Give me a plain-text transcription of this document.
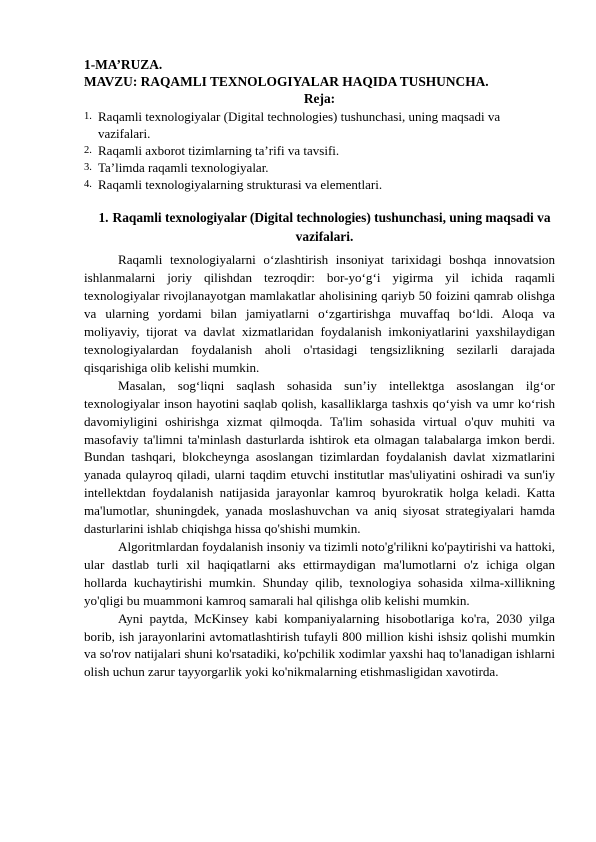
1-MA’RUZA.

MAVZU: RAQAMLI TEXNOLOGIYALAR HAQIDA TUSHUNCHA.

Reja:

1. Raqamli texnologiyalar (Digital technologies) tushunchasi, uning maqsadi va vazifalari.
2. Raqamli axborot tizimlarning ta’rifi va tavsifi.
3. Ta’limda raqamli texnologiyalar.
4. Raqamli texnologiyalarning strukturasi va elementlari.
1. Raqamli texnologiyalar (Digital technologies) tushunchasi, uning maqsadi va vazifalari.

Raqamli texnologiyalarni o‘zlashtirish insoniyat tarixidagi boshqa innovatsion ishlanmalarni joriy qilishdan tezroqdir: bor-yo‘g‘i yigirma yil ichida raqamli texnologiyalar rivojlanayotgan mamlakatlar aholisining qariyb 50 foizini qamrab olishga va ularning yordami bilan jamiyatlarni o‘zgartirishga muvaffaq bo‘ldi. Aloqa va moliyaviy, tijorat va davlat xizmatlaridan foydalanish imkoniyatlarini yaxshilaydigan texnologiyalardan foydalanish aholi o'rtasidagi tengsizlikning sezilarli darajada qisqarishiga olib kelishi mumkin.

Masalan, sog‘liqni saqlash sohasida sun’iy intellektga asoslangan ilg‘or texnologiyalar inson hayotini saqlab qolish, kasalliklarga tashxis qo‘yish va umr ko‘rish davomiyligini oshirishga xizmat qilmoqda. Ta'lim sohasida virtual o'quv muhiti va masofaviy ta'limni ta'minlash dasturlarda ishtirok eta olmagan talabalarga imkon berdi. Bundan tashqari, blokcheynga asoslangan tizimlardan foydalanish davlat xizmatlarini yanada qulayroq qiladi, ularni taqdim etuvchi institutlar mas'uliyatini oshiradi va sun'iy intellektdan foydalanish natijasida jarayonlar kamroq byurokratik holga keladi. Katta ma'lumotlar, shuningdek, yanada moslashuvchan va aniq siyosat strategiyalari hamda dasturlarini ishlab chiqishga hissa qo'shishi mumkin.

Algoritmlardan foydalanish insoniy va tizimli noto'g'rilikni ko'paytirishi va hattoki, ular dastlab turli xil haqiqatlarni aks ettirmaydigan ma'lumotlarni o'z ichiga olgan hollarda kuchaytirishi mumkin. Shunday qilib, texnologiya sohasida xilma-xillikning yo'qligi bu muammoni kamroq samarali hal qilishga olib kelishi mumkin.

Ayni paytda, McKinsey kabi kompaniyalarning hisobotlariga ko'ra, 2030 yilga borib, ish jarayonlarini avtomatlashtirish tufayli 800 million kishi ishsiz qolishi mumkin va so'rov natijalari shuni ko'rsatadiki, ko'pchilik xodimlar yaxshi haq to'lanadigan ishlarni olish uchun zarur tayyorgarlik yoki ko'nikmalarning etishmasligidan xavotirda.
